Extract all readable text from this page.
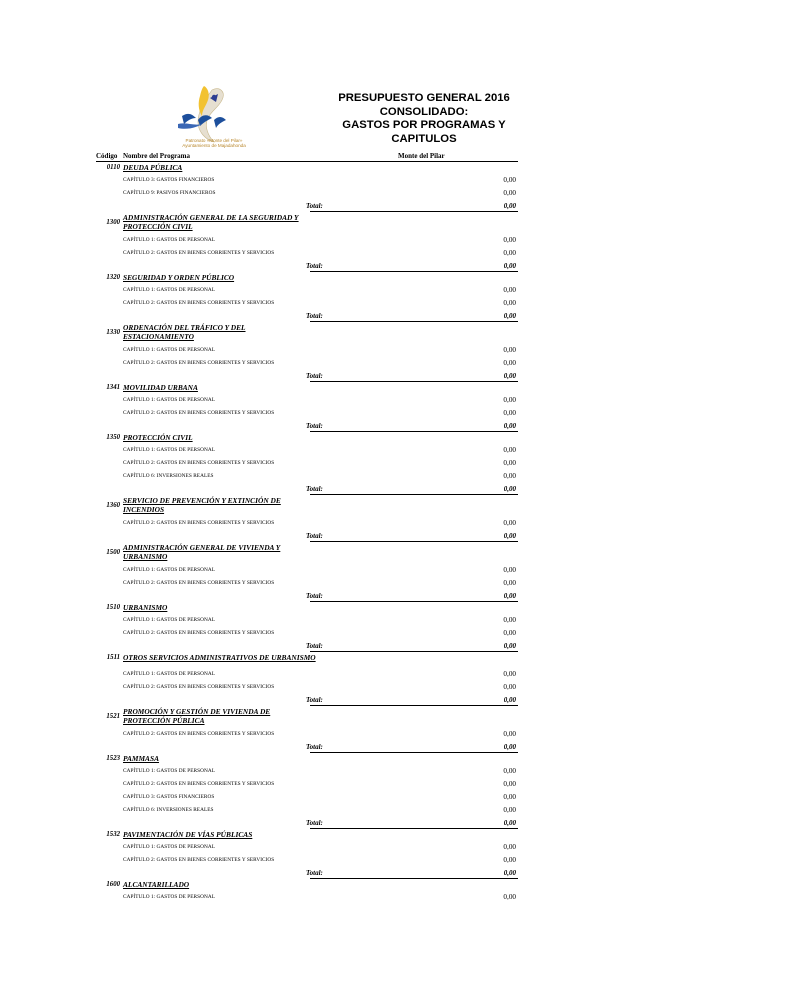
Patronato «Monte del Pilar»
Ayuntamiento de Majadahonda
PRESUPUESTO GENERAL 2016
CONSOLIDADO:
GASTOS POR PROGRAMAS Y
CAPITULOS
Código Nombre del Programa	Monte del Pilar
0110 DEUDA PÚBLICA
CAPÍTULO 3: GASTOS FINANCIEROS	0,00
CAPÍTULO 9: PASIVOS FINANCIEROS	0,00
Total:	0,00
1300
ADMINISTRACIÓN GENERAL DE LA SEGURIDAD Y
PROTECCIÓN CIVIL
CAPÍTULO 1: GASTOS DE PERSONAL	0,00
CAPÍTULO 2: GASTOS EN BIENES CORRIENTES Y SERVICIOS	0,00
Total:	0,00
1320 SEGURIDAD Y ORDEN PÚBLICO
CAPÍTULO 1: GASTOS DE PERSONAL	0,00
CAPÍTULO 2: GASTOS EN BIENES CORRIENTES Y SERVICIOS	0,00
Total:	0,00
1330
ORDENACIÓN DEL TRÁFICO Y DEL
ESTACIONAMIENTO
CAPÍTULO 1: GASTOS DE PERSONAL	0,00
CAPÍTULO 2: GASTOS EN BIENES CORRIENTES Y SERVICIOS	0,00
Total:	0,00
1341 MOVILIDAD URBANA
CAPÍTULO 1: GASTOS DE PERSONAL	0,00
CAPÍTULO 2: GASTOS EN BIENES CORRIENTES Y SERVICIOS	0,00
Total:	0,00
1350 PROTECCIÓN CIVIL
CAPÍTULO 1: GASTOS DE PERSONAL	0,00
CAPÍTULO 2: GASTOS EN BIENES CORRIENTES Y SERVICIOS	0,00
CAPÍTULO 6: INVERSIONES REALES	0,00
Total:	0,00
1360
SERVICIO DE PREVENCIÓN Y EXTINCIÓN DE
INCENDIOS
CAPÍTULO 2: GASTOS EN BIENES CORRIENTES Y SERVICIOS	0,00
Total:	0,00
1500
ADMINISTRACIÓN GENERAL DE VIVIENDA Y
URBANISMO
CAPÍTULO 1: GASTOS DE PERSONAL	0,00
CAPÍTULO 2: GASTOS EN BIENES CORRIENTES Y SERVICIOS	0,00
Total:	0,00
1510 URBANISMO
CAPÍTULO 1: GASTOS DE PERSONAL	0,00
CAPÍTULO 2: GASTOS EN BIENES CORRIENTES Y SERVICIOS	0,00
Total:	0,00
1511 OTROS SERVICIOS ADMINISTRATIVOS DE URBANISMO
CAPÍTULO 1: GASTOS DE PERSONAL	0,00
CAPÍTULO 2: GASTOS EN BIENES CORRIENTES Y SERVICIOS	0,00
Total:	0,00
1521
PROMOCIÓN Y GESTIÓN DE VIVIENDA DE
PROTECCIÓN PÚBLICA
CAPÍTULO 2: GASTOS EN BIENES CORRIENTES Y SERVICIOS	0,00
Total:	0,00
1523 PAMMASA
CAPÍTULO 1: GASTOS DE PERSONAL	0,00
CAPÍTULO 2: GASTOS EN BIENES CORRIENTES Y SERVICIOS	0,00
CAPÍTULO 3: GASTOS FINANCIEROS	0,00
CAPÍTULO 6: INVERSIONES REALES	0,00
Total:	0,00
1532 PAVIMENTACIÓN DE VÍAS PÚBLICAS
CAPÍTULO 1: GASTOS DE PERSONAL	0,00
CAPÍTULO 2: GASTOS EN BIENES CORRIENTES Y SERVICIOS	0,00
Total:	0,00
1600 ALCANTARILLADO
CAPÍTULO 1: GASTOS DE PERSONAL	0,00
